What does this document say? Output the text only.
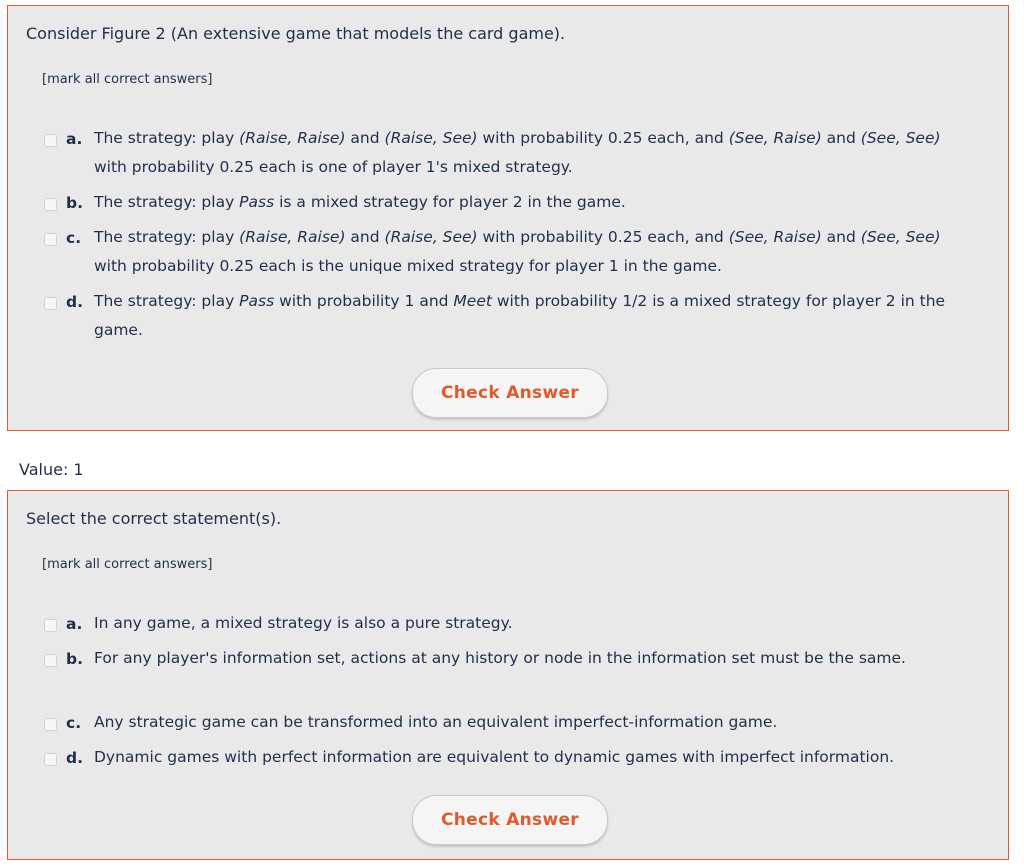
Consider Figure 2 (An extensive game that models the card game).
[mark all correct answers]
a. The strategy: play (Raise, Raise) and (Raise, See) with probability 0.25 each, and (See, Raise) and (See, See) with probability 0.25 each is one of player 1's mixed strategy.
b. The strategy: play Pass is a mixed strategy for player 2 in the game.
c. The strategy: play (Raise, Raise) and (Raise, See) with probability 0.25 each, and (See, Raise) and (See, See) with probability 0.25 each is the unique mixed strategy for player 1 in the game.
d. The strategy: play Pass with probability 1 and Meet with probability 1/2 is a mixed strategy for player 2 in the game.
Check Answer
Value: 1
Select the correct statement(s).
[mark all correct answers]
a. In any game, a mixed strategy is also a pure strategy.
b. For any player's information set, actions at any history or node in the information set must be the same.
c. Any strategic game can be transformed into an equivalent imperfect-information game.
d. Dynamic games with perfect information are equivalent to dynamic games with imperfect information.
Check Answer
